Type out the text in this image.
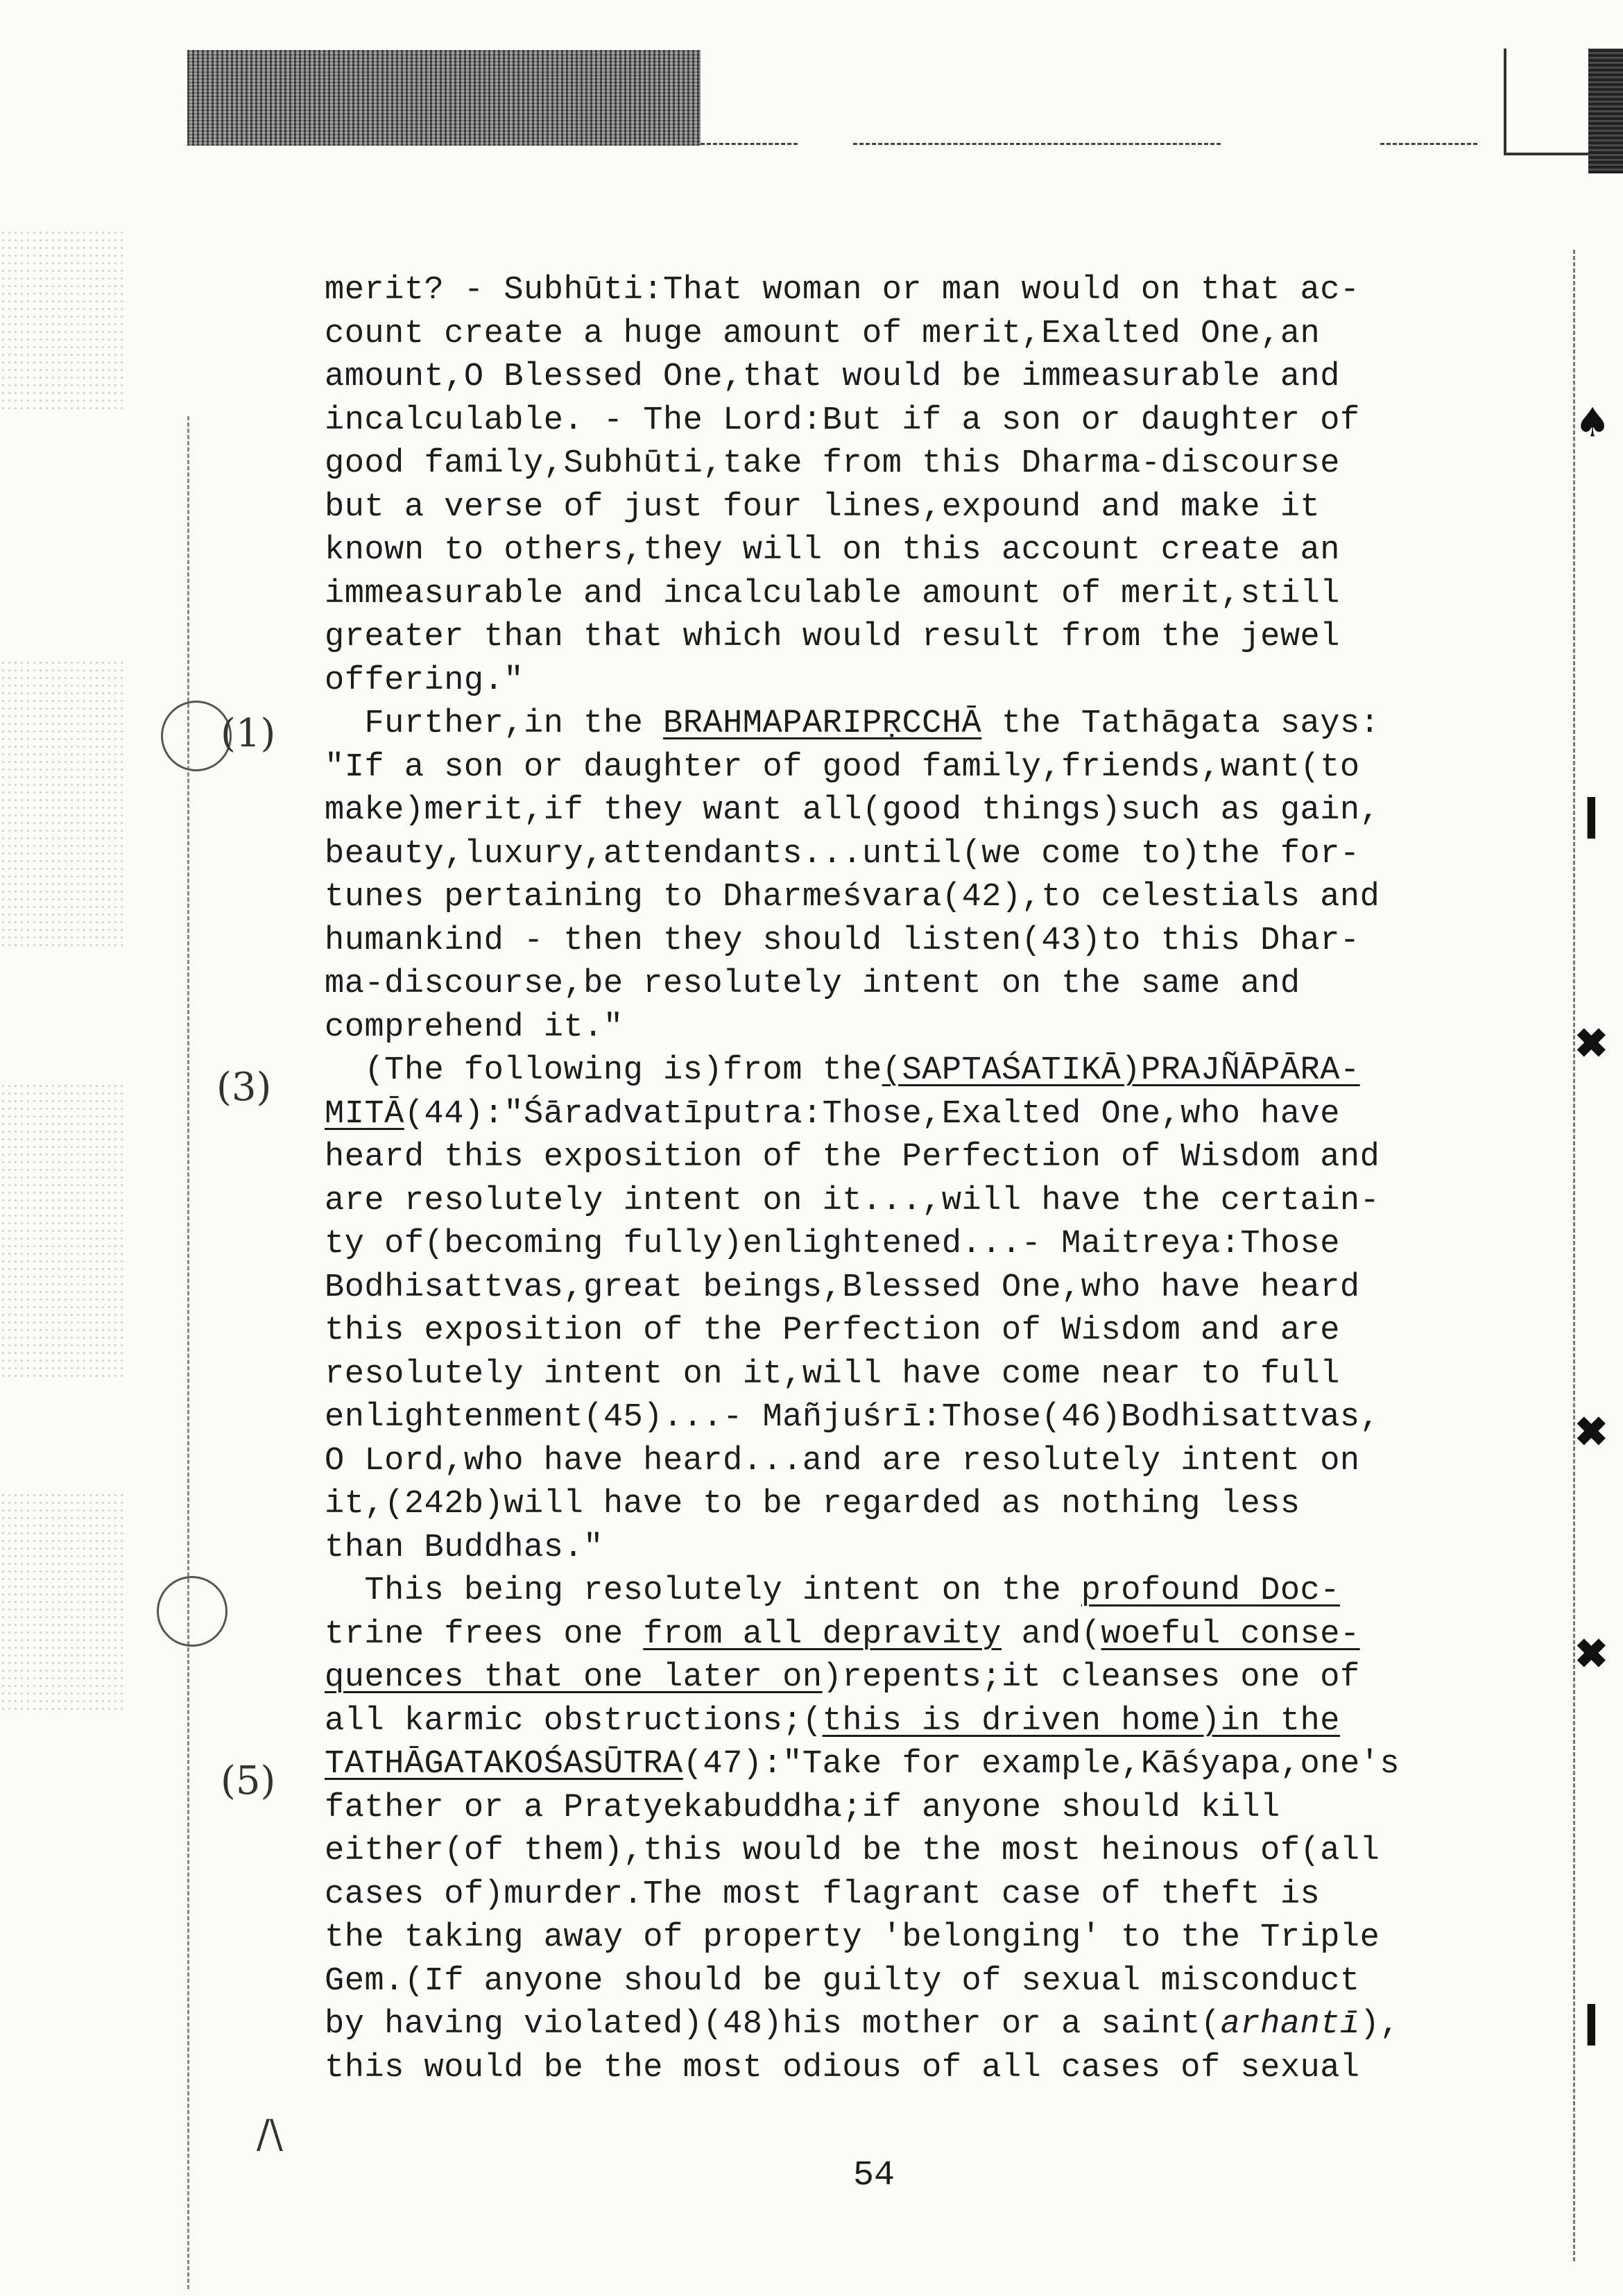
(1)
(3)
(5)
/\
♠
❙
✖
✖
✖
❙
merit? - Subhūti:That woman or man would on that ac-
count create a huge amount of merit,Exalted One,an
amount,O Blessed One,that would be immeasurable and
incalculable. - The Lord:But if a son or daughter of
good family,Subhūti,take from this Dharma-discourse
but a verse of just four lines,expound and make it
known to others,they will on this account create an
immeasurable and incalculable amount of merit,still
greater than that which would result from the jewel
offering."
Further,in the BRAHMAPARIPṚCCHĀ the Tathāgata says:
"If a son or daughter of good family,friends,want(to
make)merit,if they want all(good things)such as gain,
beauty,luxury,attendants...until(we come to)the for-
tunes pertaining to Dharmeśvara(42),to celestials and
humankind - then they should listen(43)to this Dhar-
ma-discourse,be resolutely intent on the same and
comprehend it."
(The following is)from the(SAPTAŚATIKĀ)PRAJÑĀPĀRA-
MITĀ(44):"Śāradvatīputra:Those,Exalted One,who have
heard this exposition of the Perfection of Wisdom and
are resolutely intent on it...,will have the certain-
ty of(becoming fully)enlightened...- Maitreya:Those
Bodhisattvas,great beings,Blessed One,who have heard
this exposition of the Perfection of Wisdom and are
resolutely intent on it,will have come near to full
enlightenment(45)...- Mañjuśrī:Those(46)Bodhisattvas,
O Lord,who have heard...and are resolutely intent on
it,(242b)will have to be regarded as nothing less
than Buddhas."
This being resolutely intent on the profound Doc-
trine frees one from all depravity and(woeful conse-
quences that one later on)repents;it cleanses one of
all karmic obstructions;(this is driven home)in the
TATHĀGATAKOŚASŪTRA(47):"Take for example,Kāśyapa,one's
father or a Pratyekabuddha;if anyone should kill
either(of them),this would be the most heinous of(all
cases of)murder.The most flagrant case of theft is
the taking away of property 'belonging' to the Triple
Gem.(If anyone should be guilty of sexual misconduct
by having violated)(48)his mother or a saint(arhantī),
this would be the most odious of all cases of sexual
54
